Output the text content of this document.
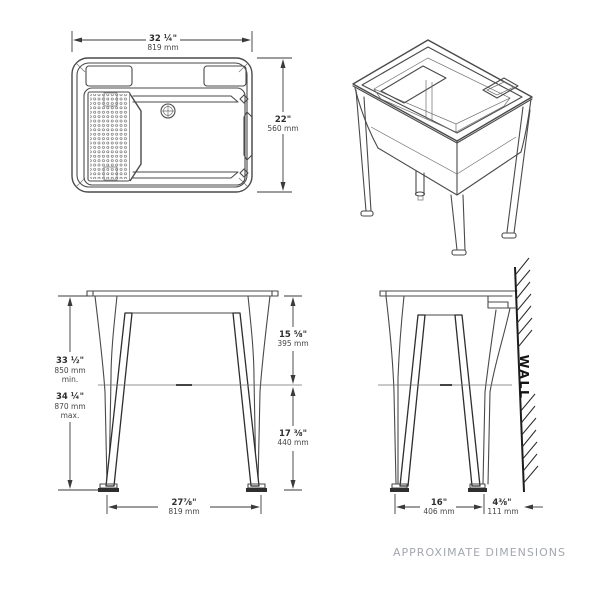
32 ¼"
819 mm
22"
560 mm
33 ½"
850 mm
min.
34 ¼"
870 mm
max.
15 ⅝"
395 mm
17 ⅜"
440 mm
27⅞"
819 mm
WALL
16"
406 mm
4⅜"
111 mm
APPROXIMATE DIMENSIONS
